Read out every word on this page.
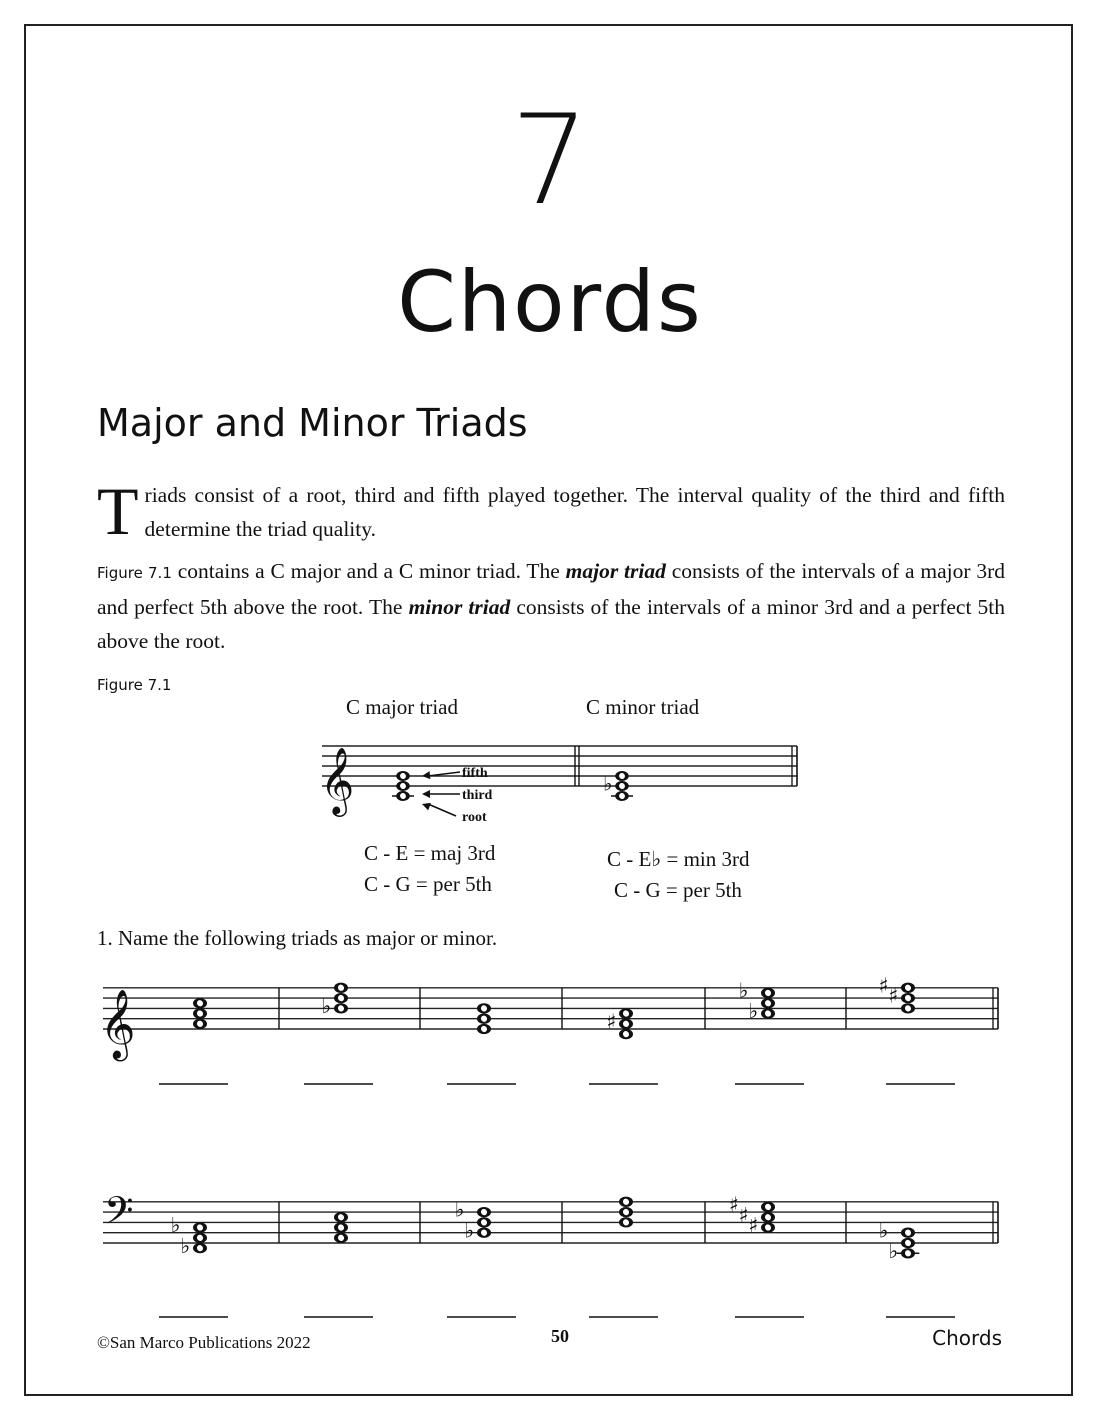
7
Chords
Major and Minor Triads
T riads consist of a root, third and fifth played together. The interval quality of the third and fifth determine the triad quality.
Figure 7.1 contains a C major and a C minor triad. The major triad consists of the intervals of a major 3rd and perfect 5th above the root. The minor triad consists of the intervals of a minor 3rd and a perfect 5th above the root.
Figure 7.1
C major triad	C minor triad
C - E = maj 3rd
C - G = per 5th
C - E♭ = min 3rd
C - G = per 5th
1. Name the following triads as major or minor.
𝄞	♭
fifth
third
root
𝄞	♭
♯
♭
♭
♯ ♯
𝄢 ♭
♭
♭
♭
♯ ♯ ♯	♭
♭
©San Marco Publications 2022	50	Chords
